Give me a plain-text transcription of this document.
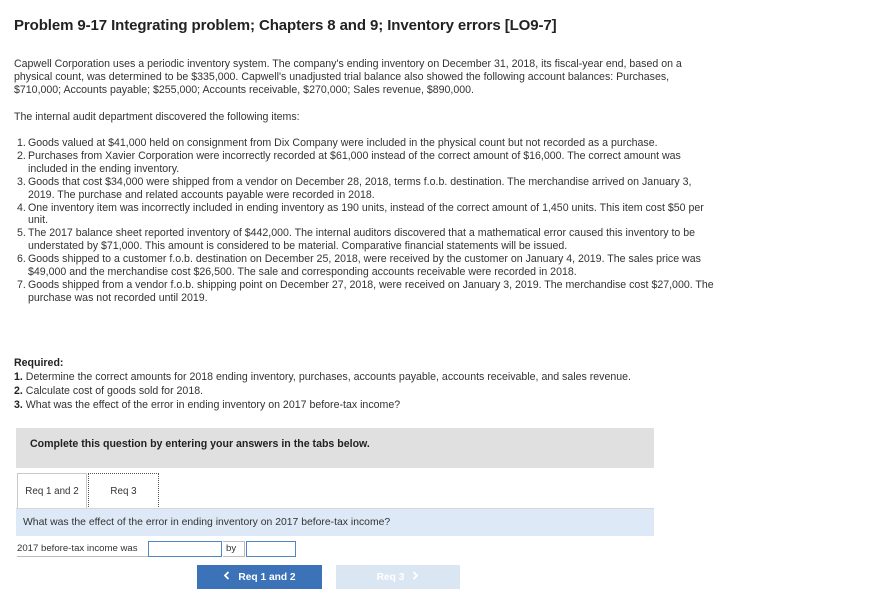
Problem 9-17 Integrating problem; Chapters 8 and 9; Inventory errors [LO9-7]
Capwell Corporation uses a periodic inventory system. The company's ending inventory on December 31, 2018, its fiscal-year end, based on a physical count, was determined to be $335,000. Capwell's unadjusted trial balance also showed the following account balances: Purchases, $710,000; Accounts payable; $255,000; Accounts receivable, $270,000; Sales revenue, $890,000.
The internal audit department discovered the following items:
1. Goods valued at $41,000 held on consignment from Dix Company were included in the physical count but not recorded as a purchase.
2. Purchases from Xavier Corporation were incorrectly recorded at $61,000 instead of the correct amount of $16,000. The correct amount was included in the ending inventory.
3. Goods that cost $34,000 were shipped from a vendor on December 28, 2018, terms f.o.b. destination. The merchandise arrived on January 3, 2019. The purchase and related accounts payable were recorded in 2018.
4. One inventory item was incorrectly included in ending inventory as 190 units, instead of the correct amount of 1,450 units. This item cost $50 per unit.
5. The 2017 balance sheet reported inventory of $442,000. The internal auditors discovered that a mathematical error caused this inventory to be understated by $71,000. This amount is considered to be material. Comparative financial statements will be issued.
6. Goods shipped to a customer f.o.b. destination on December 25, 2018, were received by the customer on January 4, 2019. The sales price was $49,000 and the merchandise cost $26,500. The sale and corresponding accounts receivable were recorded in 2018.
7. Goods shipped from a vendor f.o.b. shipping point on December 27, 2018, were received on January 3, 2019. The merchandise cost $27,000. The purchase was not recorded until 2019.
Required:
1. Determine the correct amounts for 2018 ending inventory, purchases, accounts payable, accounts receivable, and sales revenue.
2. Calculate cost of goods sold for 2018.
3. What was the effect of the error in ending inventory on 2017 before-tax income?
Complete this question by entering your answers in the tabs below.
Req 1 and 2	Req 3
What was the effect of the error in ending inventory on 2017 before-tax income?
2017 before-tax income was	by
Req 1 and 2	Req 3
